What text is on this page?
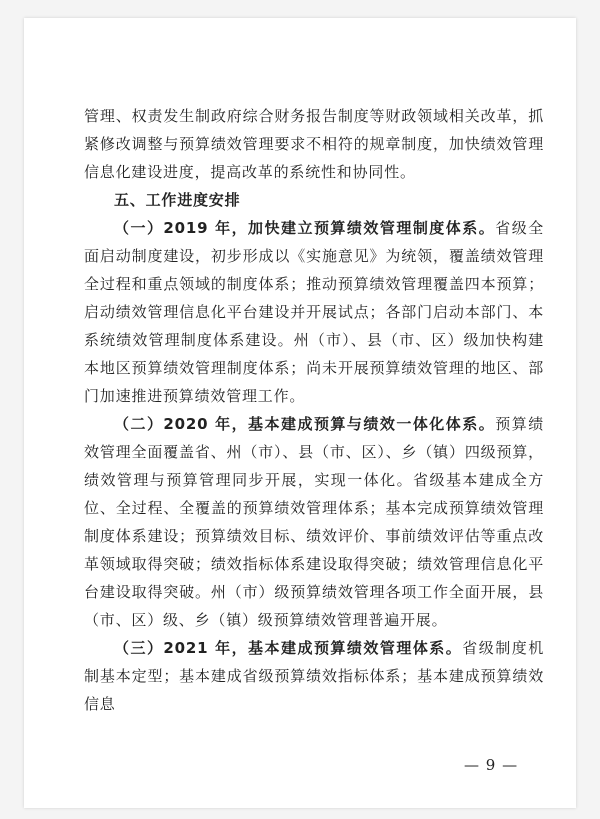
管理、权责发生制政府综合财务报告制度等财政领域相关改革，抓紧修改调整与预算绩效管理要求不相符的规章制度，加快绩效管理信息化建设进度，提高改革的系统性和协同性。

五、工作进度安排

（一）2019 年，加快建立预算绩效管理制度体系。省级全面启动制度建设，初步形成以《实施意见》为统领，覆盖绩效管理全过程和重点领域的制度体系；推动预算绩效管理覆盖四本预算；启动绩效管理信息化平台建设并开展试点；各部门启动本部门、本系统绩效管理制度体系建设。州（市）、县（市、区）级加快构建本地区预算绩效管理制度体系；尚未开展预算绩效管理的地区、部门加速推进预算绩效管理工作。

（二）2020 年，基本建成预算与绩效一体化体系。预算绩效管理全面覆盖省、州（市）、县（市、区）、乡（镇）四级预算，绩效管理与预算管理同步开展，实现一体化。省级基本建成全方位、全过程、全覆盖的预算绩效管理体系；基本完成预算绩效管理制度体系建设；预算绩效目标、绩效评价、事前绩效评估等重点改革领域取得突破；绩效指标体系建设取得突破；绩效管理信息化平台建设取得突破。州（市）级预算绩效管理各项工作全面开展，县（市、区）级、乡（镇）级预算绩效管理普遍开展。

（三）2021 年，基本建成预算绩效管理体系。省级制度机制基本定型；基本建成省级预算绩效指标体系；基本建成预算绩效信息

— 9 —
